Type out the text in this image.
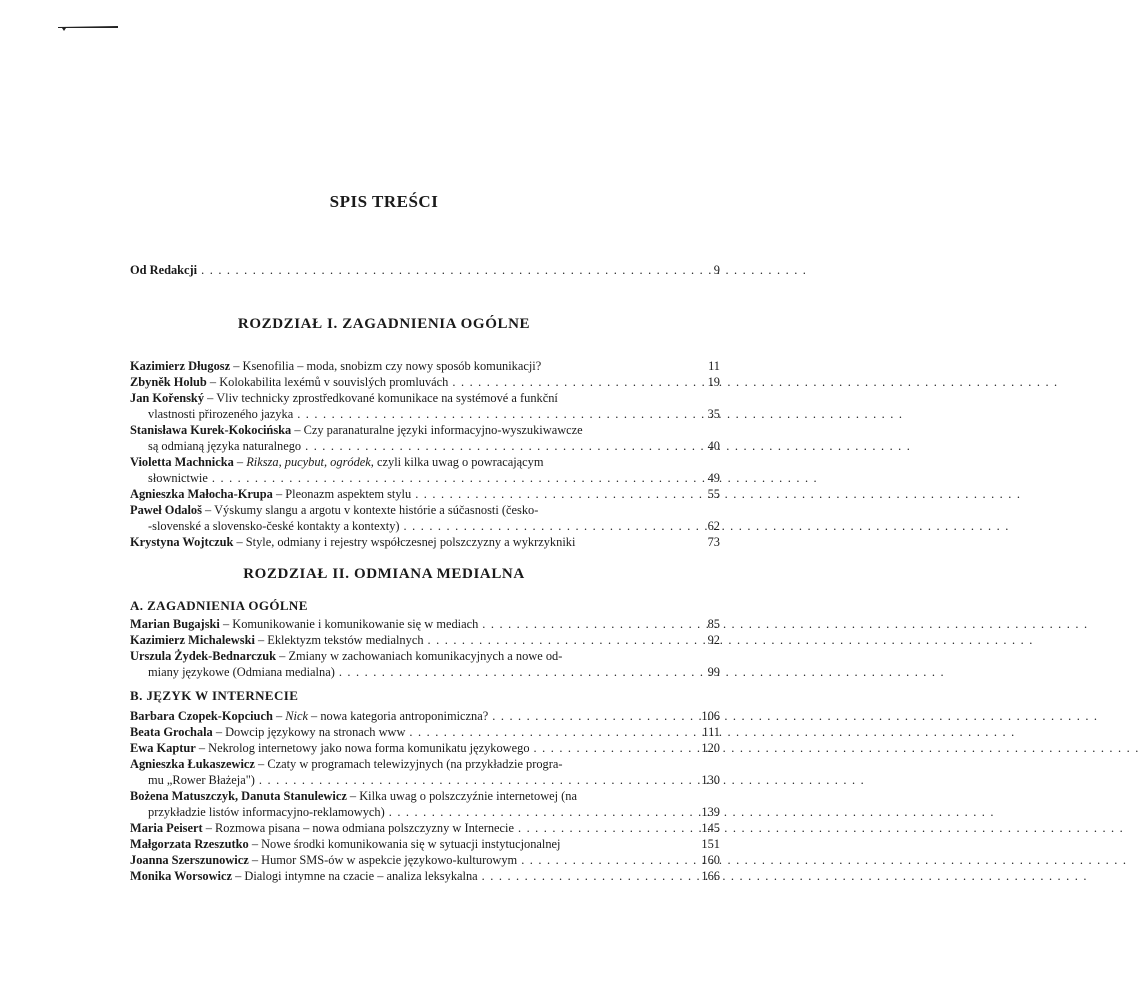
SPIS TREŚCI
Od Redakcji . . .	9
ROZDZIAŁ I. ZAGADNIENIA OGÓLNE
Kazimierz Długosz – Ksenofilia – moda, snobizm czy nowy sposób komunikacji?	11
Zbyněk Holub – Kolokabilita lexémů v souvislých promluvách . . .	19
Jan Kořenský – Vliv technicky zprostředkované komunikace na systémové a funkční
vlastnosti přirozeného jazyka . . .	35
Stanisława Kurek-Kokocińska – Czy paranaturalne języki informacyjno-wyszukiwawcze
są odmianą języka naturalnego . . .	40
Violetta Machnicka – Riksza, pucybut, ogródek, czyli kilka uwag o powracającym
słownictwie . . .	49
Agnieszka Małocha-Krupa – Pleonazm aspektem stylu . . .	55
Paweł Odaloš – Výskumy slangu a argotu v kontexte histórie a súčasnosti (česko-
-slovenské a slovensko-české kontakty a kontexty) . . .	62
Krystyna Wojtczuk – Style, odmiany i rejestry współczesnej polszczyzny a wykrzykniki	73
ROZDZIAŁ II. ODMIANA MEDIALNA
A. ZAGADNIENIA OGÓLNE
Marian Bugajski – Komunikowanie i komunikowanie się w mediach . . .	85
Kazimierz Michalewski – Eklektyzm tekstów medialnych . . .	92
Urszula Żydek-Bednarczuk – Zmiany w zachowaniach komunikacyjnych a nowe od-
miany językowe (Odmiana medialna) . . .	99
B. JĘZYK W INTERNECIE
Barbara Czopek-Kopciuch – Nick – nowa kategoria antroponimiczna? . . .	106
Beata Grochala – Dowcip językowy na stronach www . . .	111
Ewa Kaptur – Nekrolog internetowy jako nowa forma komunikatu językowego . . .	120
Agnieszka Łukaszewicz – Czaty w programach telewizyjnych (na przykładzie progra-
mu „Rower Błażeja") . . .	130
Bożena Matuszczyk, Danuta Stanulewicz – Kilka uwag o polszczyźnie internetowej (na
przykładzie listów informacyjno-reklamowych) . . .	139
Maria Peisert – Rozmowa pisana – nowa odmiana polszczyzny w Internecie . . .	145
Małgorzata Rzeszutko – Nowe środki komunikowania się w sytuacji instytucjonalnej	151
Joanna Szerszunowicz – Humor SMS-ów w aspekcie językowo-kulturowym . . .	160
Monika Worsowicz – Dialogi intymne na czacie – analiza leksykalna . . .	166
